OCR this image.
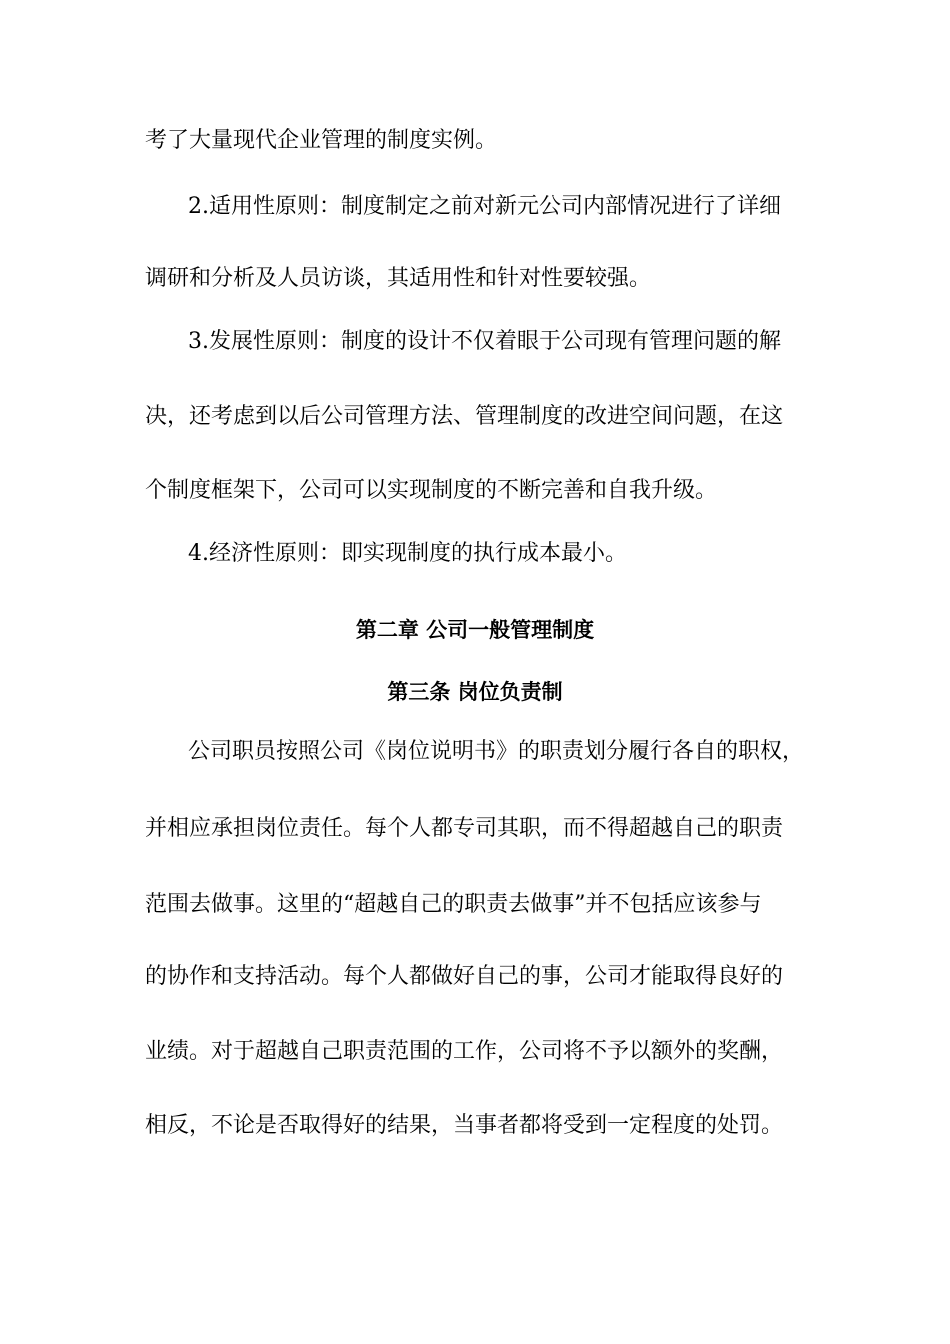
考了大量现代企业管理的制度实例。
2.适用性原则：制度制定之前对新元公司内部情况进行了详细
调研和分析及人员访谈，其适用性和针对性要较强。
3.发展性原则：制度的设计不仅着眼于公司现有管理问题的解
决，还考虑到以后公司管理方法、管理制度的改进空间问题，在这
个制度框架下，公司可以实现制度的不断完善和自我升级。
4.经济性原则：即实现制度的执行成本最小。
第二章 公司一般管理制度
第三条 岗位负责制
公司职员按照公司《岗位说明书》的职责划分履行各自的职权，
并相应承担岗位责任。每个人都专司其职，而不得超越自己的职责
范围去做事。这里的“超越自己的职责去做事”并不包括应该参与
的协作和支持活动。每个人都做好自己的事，公司才能取得良好的
业绩。对于超越自己职责范围的工作，公司将不予以额外的奖酬，
相反，不论是否取得好的结果，当事者都将受到一定程度的处罚。
